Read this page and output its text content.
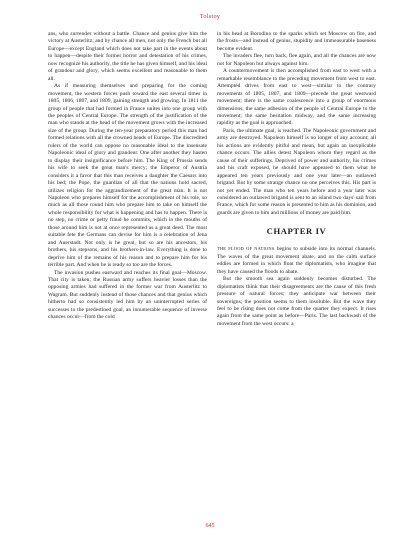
Tolstoy

ans, who surrender without a battle. Chance and genius give him the victory at Austerlitz; and by chance all men, not only the French but all Europe—except England which does not take part in the events about to happen—despite their former horror and detestation of his crimes, now recognize his authority, the title he has given himself, and his ideal of grandeur and glory, which seems excellent and reasonable to them all.

As if measuring themselves and preparing for the coming movement, the western forces push toward the east several times in 1805, 1806, 1807, and 1809, gaining strength and growing. In 1811 the group of people that had formed in France unites into one group with the peoples of Central Europe. The strength of the justification of the man who stands at the head of the movement grows with the increased size of the group. During the ten-year preparatory period this man had formed relations with all the crowned heads of Europe. The discredited rulers of the world can oppose no reasonable ideal to the insensate Napoleonic ideal of glory and grandeur. One after another they hasten to display their insignificance before him. The King of Prussia sends his wife to seek the great man's mercy; the Emperor of Austria considers it a favor that this man receives a daughter the Caesars into his bed; the Pope, the guardian of all that the nations hold sacred, utilizes religion for the aggrandizement of the great man. It is not Napoleon who prepares himself for the accomplishment of his role, so much as all those round him who prepare him to take on himself the whole responsibility for what is happening and has to happen. There is no step, no crime or petty fraud he commits, which in the mouths of those around him is not at once represented as a great deed. The most suitable fete the Germans can devise for him is a celebration of Jena and Auerstadt. Not only is he great, but so are his ancestors, his brothers, his stepsons, and his brothers-in-law. Everything is done to deprive him of the remains of his reason and to prepare him for his terrible part. And when he is ready so too are the forces.

The invasion pushes eastward and reaches its final goal—Moscow. That city is taken; the Russian army suffers heavier losses than the opposing armies had suffered in the former war from Austerlitz to Wagram. But suddenly instead of those chances and that genius which hitherto had so consistently led him by an uninterrupted series of successes to the predestined goal, an innumerable sequence of inverse chances occur—from the cold

in his head at Borodino to the sparks which set Moscow on fire, and the frosts—and instead of genius, stupidity and immeasurable baseness become evident.

The invaders flee, turn back, flee again, and all the chances are now not for Napoleon but always against him.

A countermovement is then accomplished from east to west with a remarkable resemblance to the preceding movement from west to east. Attempted drives from east to west—similar to the contrary movements of 1805, 1807, and 1809—precede the great westward movement; there is the same coalescence into a group of enormous dimensions; the same adhesion of the people of Central Europe to the movement; the same hesitation midway, and the same increasing rapidity as the goal is approached.

Paris, the ultimate goal, is reached. The Napoleonic government and army are destroyed. Napoleon himself is no longer of any account; all his actions are evidently pitiful and mean, but again an inexplicable chance occurs. The allies detest Napoleon whom they regard as the cause of their sufferings. Deprived of power and authority, his crimes and his craft exposed, he should have appeared to them what he appeared ten years previously and one year later—an outlawed brigand. But by some strange chance no one perceives this. His part is not yet ended. The man who ten years before and a year later was considered an outlawed brigand is sent to an island two days' sail from France, which for some reason is presented to him as his dominion, and guards are given to him and millions of money are paid him.

CHAPTER IV

THE FLOOD OF NATIONS begins to subside into its normal channels. The waves of the great movement abate, and on the calm surface eddies are formed in which float the diplomatists, who imagine that they have caused the floods to abate.

But the smooth sea again suddenly becomes disturbed. The diplomatists think that their disagreements are the cause of this fresh pressure of natural forces; they anticipate war between their sovereigns; the position seems to them insoluble. But the wave they feel to be rising does not come from the quarter they expect. It rises again from the same point as before—Paris. The last backwash of the movement from the west occurs: a

645
